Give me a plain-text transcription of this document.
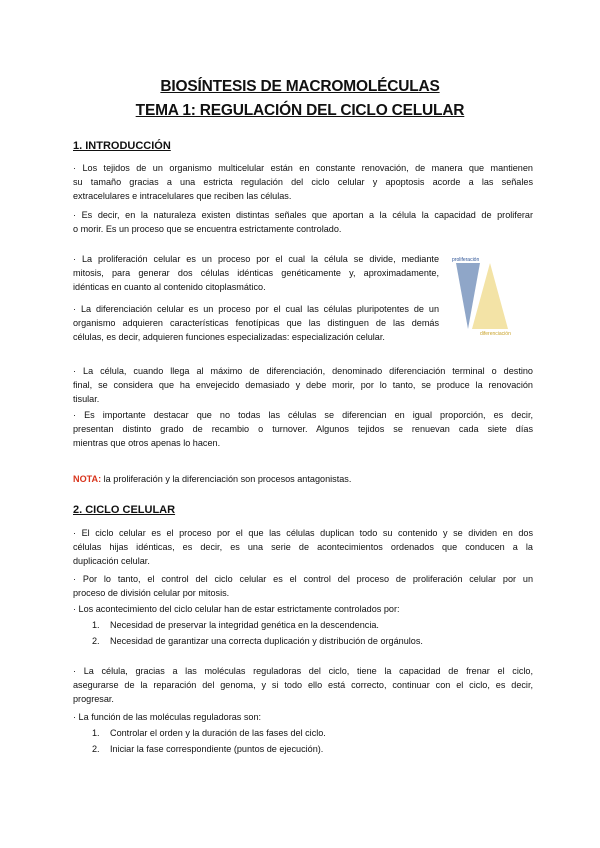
BIOSÍNTESIS DE MACROMOLÉCULAS
TEMA 1: REGULACIÓN DEL CICLO CELULAR
1. INTRODUCCIÓN
· Los tejidos de un organismo multicelular están en constante renovación, de manera que mantienen
su tamaño gracias a una estricta regulación del ciclo celular y apoptosis acorde a las señales
extracelulares e intracelulares que reciben las células.
· Es decir, en la naturaleza existen distintas señales que aportan a la célula la capacidad de proliferar
o morir. Es un proceso que se encuentra estrictamente controlado.
· La proliferación celular es un proceso por el cual la célula se divide, mediante
mitosis, para generar dos células idénticas genéticamente y, aproximadamente,
idénticas en cuanto al contenido citoplasmático.
· La diferenciación celular es un proceso por el cual las células pluripotentes de un
organismo adquieren características fenotípicas que las distinguen de las demás
células, es decir, adquieren funciones especializadas: especialización celular.
proliferación
diferenciación
· La célula, cuando llega al máximo de diferenciación, denominado diferenciación terminal o destino
final, se considera que ha envejecido demasiado y debe morir, por lo tanto, se produce la renovación
tisular.
· Es importante destacar que no todas las células se diferencian en igual proporción, es decir,
presentan distinto grado de recambio o turnover. Algunos tejidos se renuevan cada siete días
mientras que otros apenas lo hacen.
NOTA: la proliferación y la diferenciación son procesos antagonistas.
2. CICLO CELULAR
· El ciclo celular es el proceso por el que las células duplican todo su contenido y se dividen en dos
células hijas idénticas, es decir, es una serie de acontecimientos ordenados que conducen a la
duplicación celular.
· Por lo tanto, el control del ciclo celular es el control del proceso de proliferación celular por un
proceso de división celular por mitosis.
· Los acontecimiento del ciclo celular han de estar estrictamente controlados por:
1. Necesidad de preservar la integridad genética en la descendencia.
2. Necesidad de garantizar una correcta duplicación y distribución de orgánulos.
· La célula, gracias a las moléculas reguladoras del ciclo, tiene la capacidad de frenar el ciclo,
asegurarse de la reparación del genoma, y si todo ello está correcto, continuar con el ciclo, es decir,
progresar.
· La función de las moléculas reguladoras son:
1. Controlar el orden y la duración de las fases del ciclo.
2. Iniciar la fase correspondiente (puntos de ejecución).
